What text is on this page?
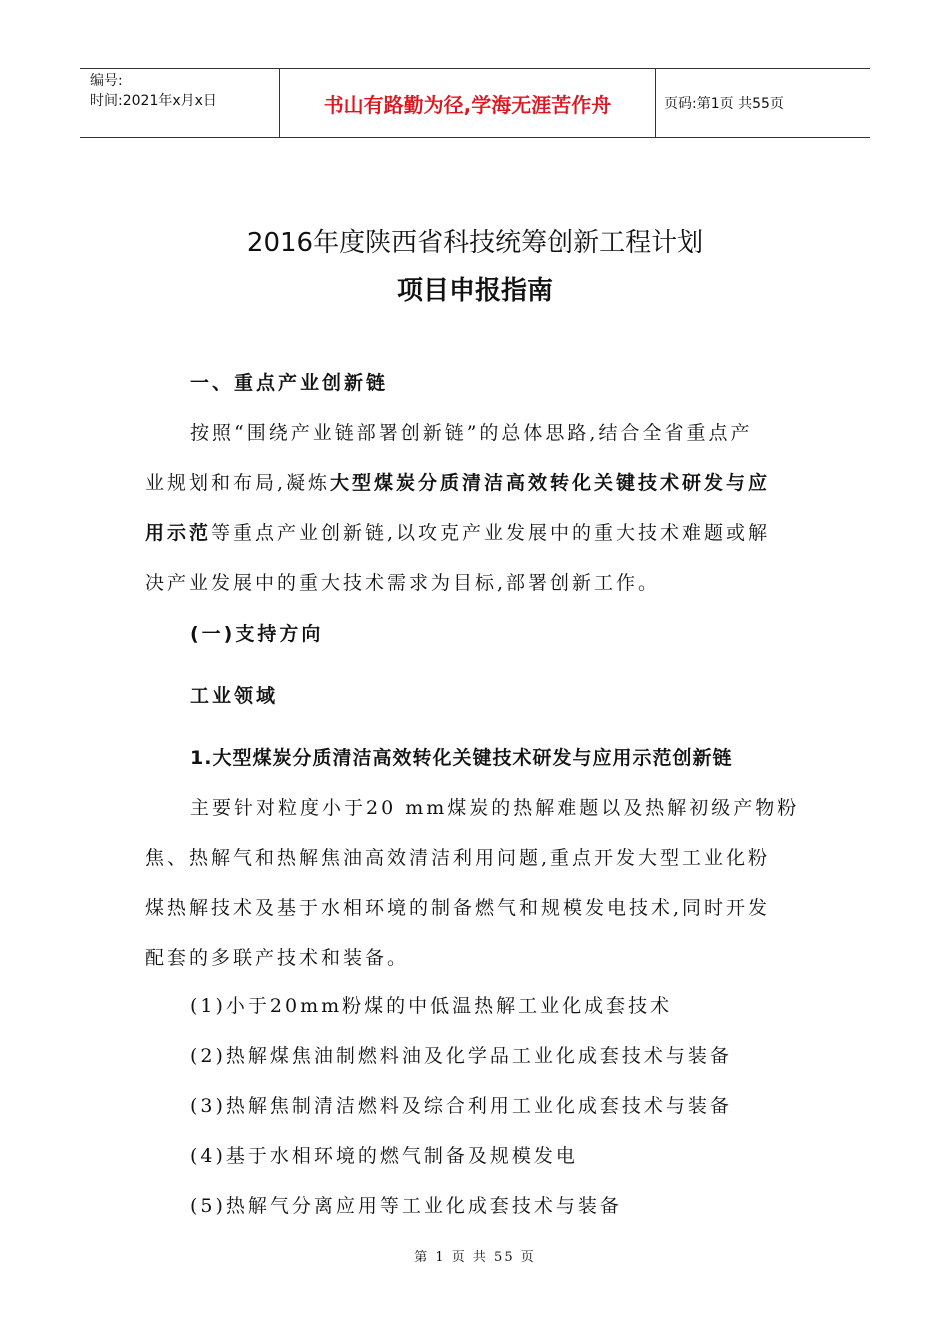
编号:
时间:2021年x月x日	书山有路勤为径,学海无涯苦作舟	页码:第1页 共55页
2016年度陕西省科技统筹创新工程计划
项目申报指南
一、重点产业创新链
按照“围绕产业链部署创新链”的总体思路,结合全省重点产
业规划和布局,凝炼大型煤炭分质清洁高效转化关键技术研发与应
用示范等重点产业创新链,以攻克产业发展中的重大技术难题或解
决产业发展中的重大技术需求为目标,部署创新工作。
(一)支持方向
工业领域
1.大型煤炭分质清洁高效转化关键技术研发与应用示范创新链
主要针对粒度小于20 mm煤炭的热解难题以及热解初级产物粉
焦、热解气和热解焦油高效清洁利用问题,重点开发大型工业化粉
煤热解技术及基于水相环境的制备燃气和规模发电技术,同时开发
配套的多联产技术和装备。
(1)小于20mm粉煤的中低温热解工业化成套技术
(2)热解煤焦油制燃料油及化学品工业化成套技术与装备
(3)热解焦制清洁燃料及综合利用工业化成套技术与装备
(4)基于水相环境的燃气制备及规模发电
(5)热解气分离应用等工业化成套技术与装备
第 1 页 共 55 页
